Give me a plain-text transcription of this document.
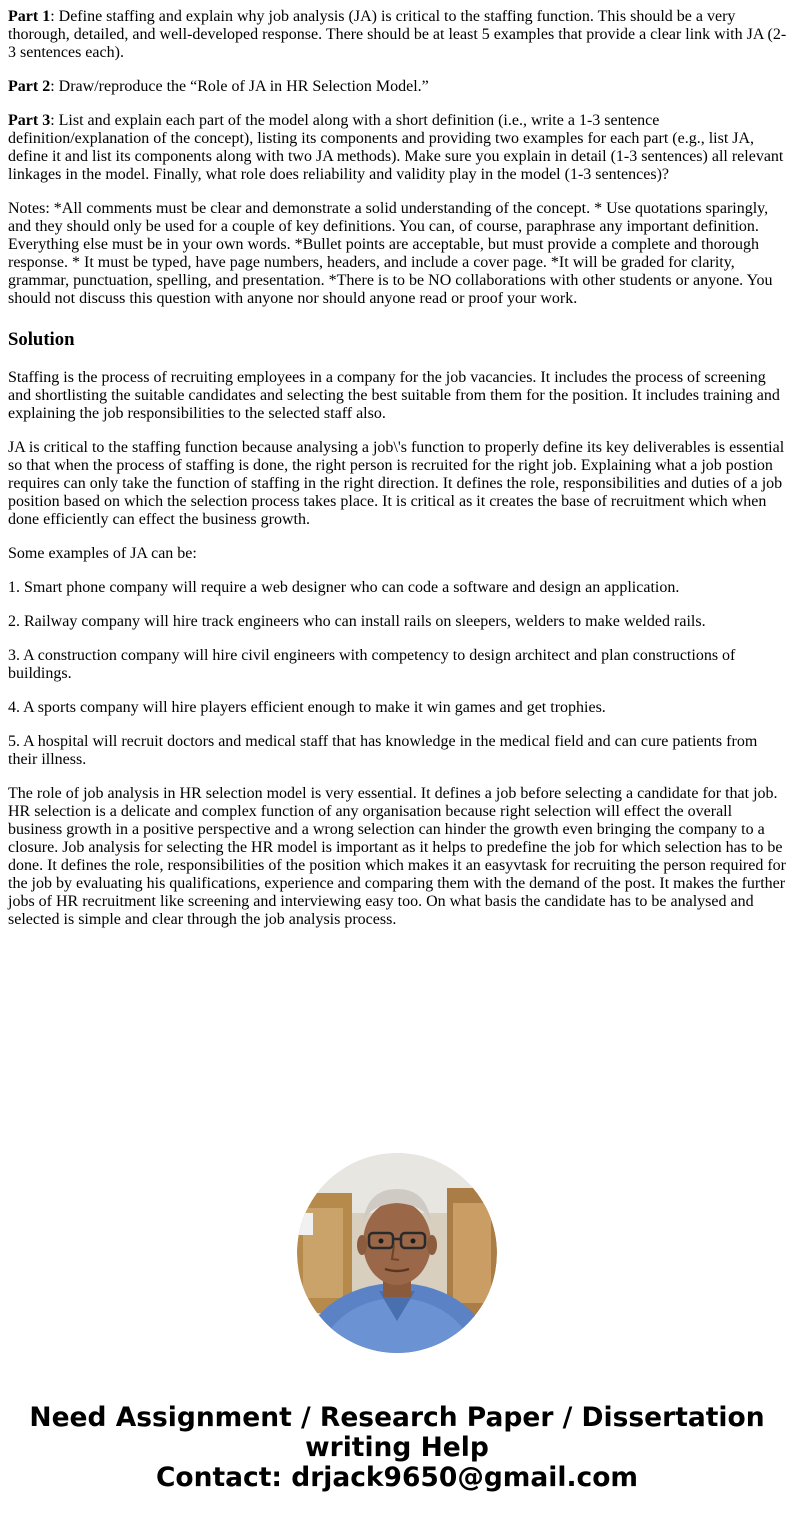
Part 1: Define staffing and explain why job analysis (JA) is critical to the staffing function. This should be a very thorough, detailed, and well-developed response. There should be at least 5 examples that provide a clear link with JA (2-3 sentences each).

Part 2: Draw/reproduce the “Role of JA in HR Selection Model.”

Part 3: List and explain each part of the model along with a short definition (i.e., write a 1-3 sentence definition/explanation of the concept), listing its components and providing two examples for each part (e.g., list JA, define it and list its components along with two JA methods). Make sure you explain in detail (1-3 sentences) all relevant linkages in the model. Finally, what role does reliability and validity play in the model (1-3 sentences)?

Notes: *All comments must be clear and demonstrate a solid understanding of the concept. * Use quotations sparingly, and they should only be used for a couple of key definitions. You can, of course, paraphrase any important definition. Everything else must be in your own words. *Bullet points are acceptable, but must provide a complete and thorough response. * It must be typed, have page numbers, headers, and include a cover page. *It will be graded for clarity, grammar, punctuation, spelling, and presentation. *There is to be NO collaborations with other students or anyone. You should not discuss this question with anyone nor should anyone read or proof your work.

Solution

Staffing is the process of recruiting employees in a company for the job vacancies. It includes the process of screening and shortlisting the suitable candidates and selecting the best suitable from them for the position. It includes training and explaining the job responsibilities to the selected staff also.

JA is critical to the staffing function because analysing a job\'s function to properly define its key deliverables is essential so that when the process of staffing is done, the right person is recruited for the right job. Explaining what a job postion requires can only take the function of staffing in the right direction. It defines the role, responsibilities and duties of a job position based on which the selection process takes place. It is critical as it creates the base of recruitment which when done efficiently can effect the business growth.

Some examples of JA can be:

1. Smart phone company will require a web designer who can code a software and design an application.

2. Railway company will hire track engineers who can install rails on sleepers, welders to make welded rails.

3. A construction company will hire civil engineers with competency to design architect and plan constructions of buildings.

4. A sports company will hire players efficient enough to make it win games and get trophies.

5. A hospital will recruit doctors and medical staff that has knowledge in the medical field and can cure patients from their illness.

The role of job analysis in HR selection model is very essential. It defines a job before selecting a candidate for that job. HR selection is a delicate and complex function of any organisation because right selection will effect the overall business growth in a positive perspective and a wrong selection can hinder the growth even bringing the company to a closure. Job analysis for selecting the HR model is important as it helps to predefine the job for which selection has to be done. It defines the role, responsibilities of the position which makes it an easyvtask for recruiting the person required for the job by evaluating his qualifications, experience and comparing them with the demand of the post. It makes the further jobs of HR recruitment like screening and interviewing easy too. On what basis the candidate has to be analysed and selected is simple and clear through the job analysis process.

Need Assignment / Research Paper / Dissertation
writing Help
Contact: drjack9650@gmail.com
